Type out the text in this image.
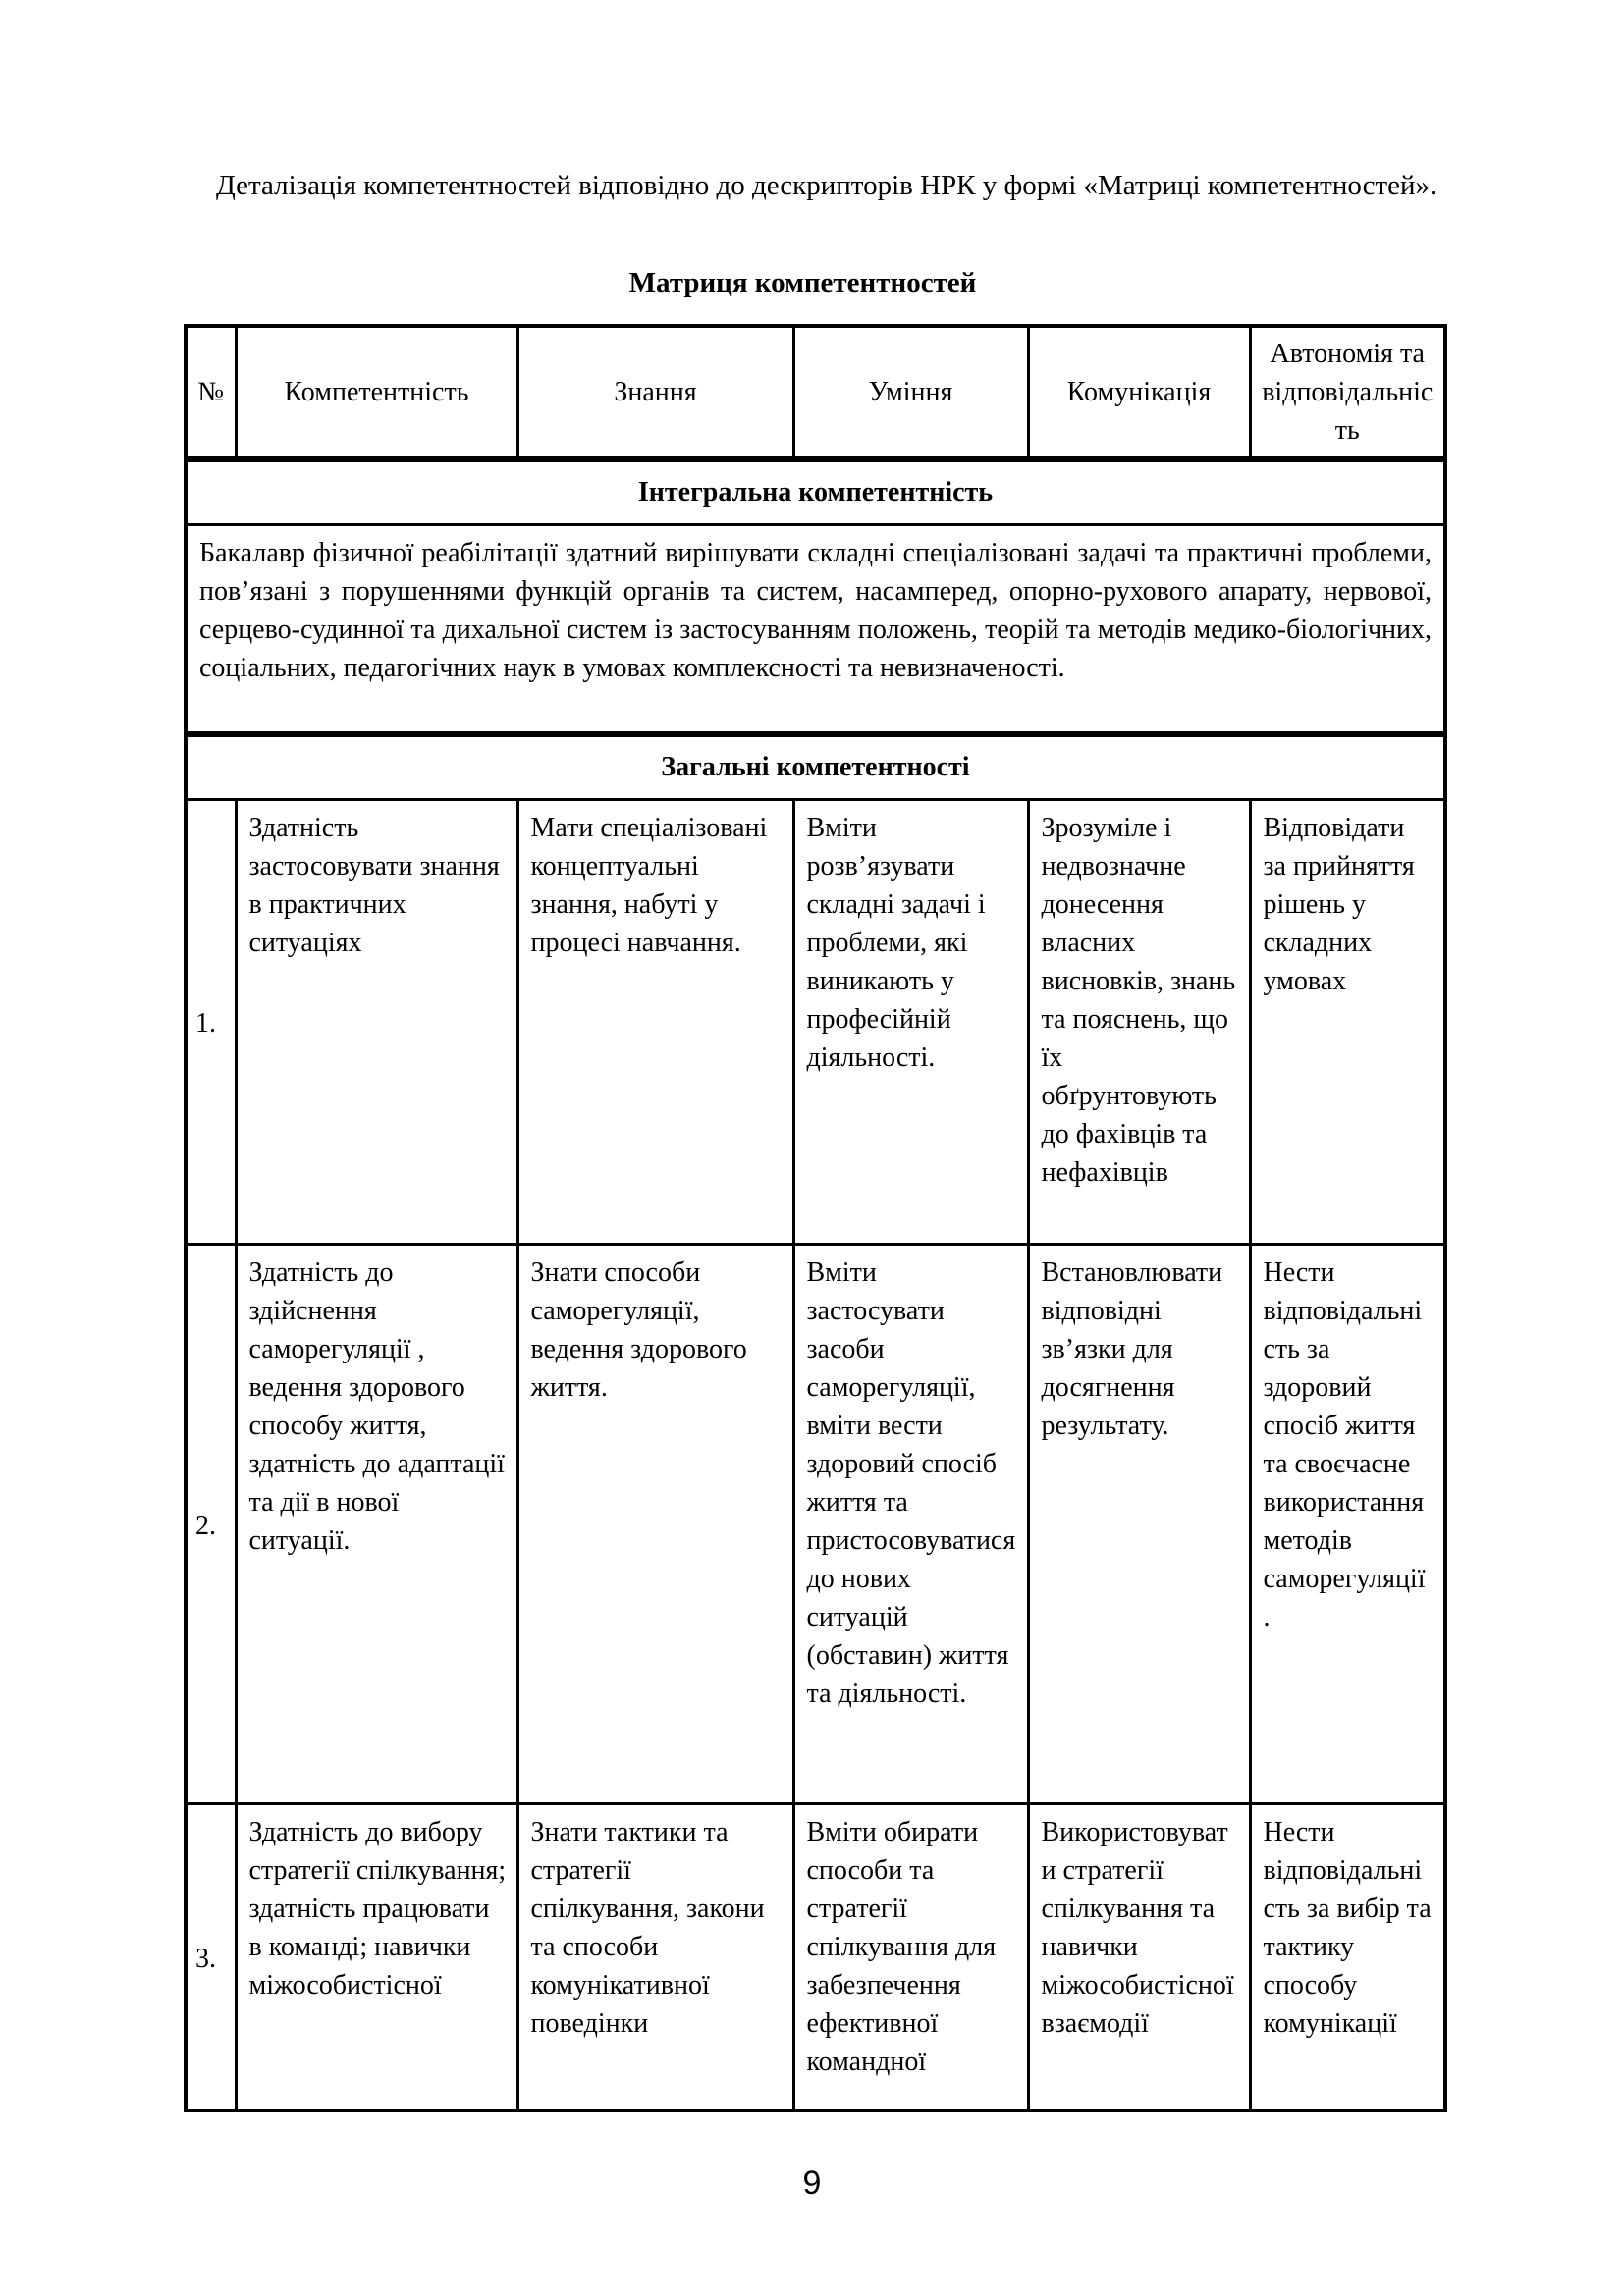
Деталізація компетентностей відповідно до дескрипторів НРК у формі «Матриці компетентностей».

Матриця компетентностей
№	Компетентність	Знання	Уміння	Комунікація	Автономія та відповідальність
Інтегральна компетентність					
Бакалавр фізичної реабілітації здатний вирішувати складні спеціалізовані задачі та практичні проблеми, пов’язані з порушеннями функцій органів та систем, насамперед, опорно-рухового апарату, нервової, серцево-судинної та дихальної систем із застосуванням положень, теорій та методів медико-біологічних, соціальних, педагогічних наук в умовах комплексності та невизначеності.					
Загальні компетентності					
1.	Здатність застосовувати знання в практичних ситуаціях	Мати спеціалізовані концептуальні знання, набуті у процесі навчання.	Вміти розв’язувати складні задачі і проблеми, які виникають у професійній діяльності.	Зрозуміле і недвозначне донесення власних висновків, знань та пояснень, що їх обґрунтовують до фахівців та нефахівців	Відповідати за прийняття рішень у складних умовах
2.	Здатність до здійснення саморегуляції , ведення здорового способу життя, здатність до адаптації та дії в нової ситуації.	Знати способи саморегуляції, ведення здорового життя.	Вміти застосувати засоби саморегуляції, вміти вести здоровий спосіб життя та пристосовуватися до нових ситуацій (обставин) життя та діяльності.	Встановлювати відповідні зв’язки для досягнення результату.	Нести відповідальність за здоровий спосіб життя та своєчасне використання методів саморегуляції .
3.	Здатність до вибору стратегії спілкування; здатність працювати в команді; навички міжособистісної	Знати тактики та стратегії спілкування, закони та способи комунікативної поведінки	Вміти обирати способи та стратегії спілкування для забезпечення ефективної командної	Використовувати стратегії спілкування та навички міжособистісної взаємодії	Нести відповідальність за вибір та тактику способу комунікації
9
